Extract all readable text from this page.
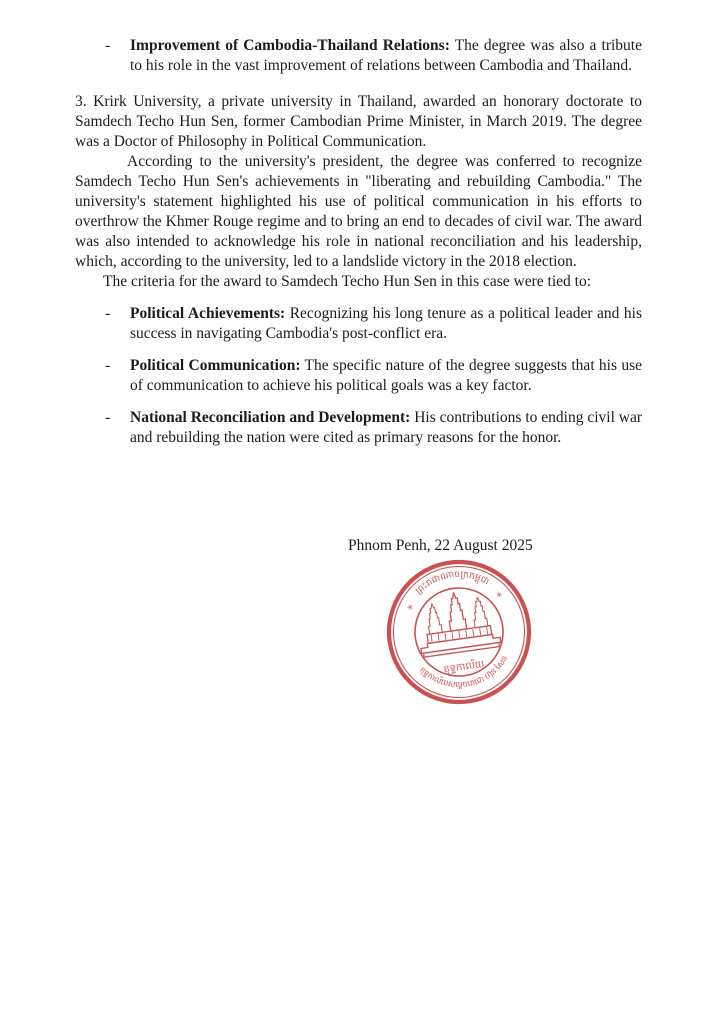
- Improvement of Cambodia-Thailand Relations: The degree was also a tribute to his role in the vast improvement of relations between Cambodia and Thailand.

3. Krirk University, a private university in Thailand, awarded an honorary doctorate to Samdech Techo Hun Sen, former Cambodian Prime Minister, in March 2019. The degree was a Doctor of Philosophy in Political Communication.

According to the university's president, the degree was conferred to recognize Samdech Techo Hun Sen's achievements in "liberating and rebuilding Cambodia." The university's statement highlighted his use of political communication in his efforts to overthrow the Khmer Rouge regime and to bring an end to decades of civil war. The award was also intended to acknowledge his role in national reconciliation and his leadership, which, according to the university, led to a landslide victory in the 2018 election.

The criteria for the award to Samdech Techo Hun Sen in this case were tied to:

- Political Achievements: Recognizing his long tenure as a political leader and his success in navigating Cambodia's post-conflict era.

- Political Communication: The specific nature of the degree suggests that his use of communication to achieve his political goals was a key factor.

- National Reconciliation and Development: His contributions to ending civil war and rebuilding the nation were cited as primary reasons for the honor.

Phnom Penh, 22 August 2025
ព្រះរាជាណាចក្រកម្ពុជា
ខុទ្ទកាល័យសម្តេចតេជោ ហ៊ុន សែន
✳
✳
ខុទ្ទកាល័យ
